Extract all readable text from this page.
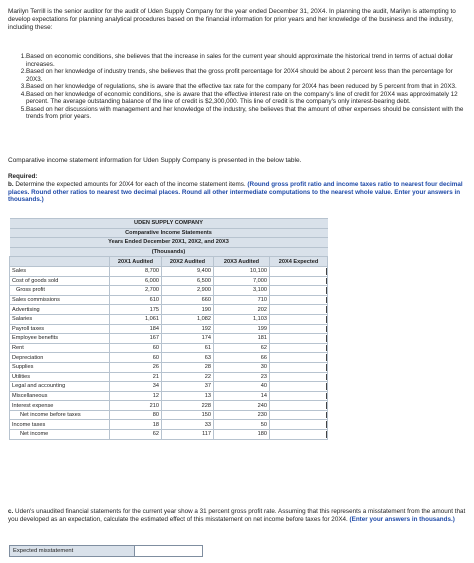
Marilyn Terrill is the senior auditor for the audit of Uden Supply Company for the year ended December 31, 20X4. In planning the audit, Marilyn is attempting to develop expectations for planning analytical procedures based on the financial information for prior years and her knowledge of the business and the industry, including these:
1. Based on economic conditions, she believes that the increase in sales for the current year should approximate the historical trend in terms of actual dollar increases.
2. Based on her knowledge of industry trends, she believes that the gross profit percentage for 20X4 should be about 2 percent less than the percentage for 20X3.
3. Based on her knowledge of regulations, she is aware that the effective tax rate for the company for 20X4 has been reduced by 5 percent from that in 20X3.
4. Based on her knowledge of economic conditions, she is aware that the effective interest rate on the company's line of credit for 20X4 was approximately 12 percent. The average outstanding balance of the line of credit is $2,300,000. This line of credit is the company's only interest-bearing debt.
5. Based on her discussions with management and her knowledge of the industry, she believes that the amount of other expenses should be consistent with the trends from prior years.
Comparative income statement information for Uden Supply Company is presented in the below table.
Required:
b. Determine the expected amounts for 20X4 for each of the income statement items. (Round gross profit ratio and income taxes ratio to nearest four decimal places. Round other ratios to nearest two decimal places. Round all other intermediate computations to the nearest whole value. Enter your answers in thousands.)
UDEN SUPPLY COMPANY				
Comparative Income Statements				
Years Ended December 20X1, 20X2, and 20X3				
(Thousands)				
	20X1 Audited	20X2 Audited	20X3 Audited	20X4 Expected
Sales	8,700	9,400	10,100	
Cost of goods sold	6,000	6,500	7,000	
Gross profit	2,700	2,900	3,100	
Sales commissions	610	660	710	
Advertising	175	190	202	
Salaries	1,061	1,082	1,103	
Payroll taxes	184	192	199	
Employee benefits	167	174	181	
Rent	60	61	62	
Depreciation	60	63	66	
Supplies	26	28	30	
Utilities	21	22	23	
Legal and accounting	34	37	40	
Miscellaneous	12	13	14	
Interest expense	210	228	240	
Net income before taxes	80	150	230	
Income taxes	18	33	50	
Net income	62	117	180	
c. Uden's unaudited financial statements for the current year show a 31 percent gross profit rate. Assuming that this represents a misstatement from the amount that you developed as an expectation, calculate the estimated effect of this misstatement on net income before taxes for 20X4. (Enter your answers in thousands.)
Expected misstatement
